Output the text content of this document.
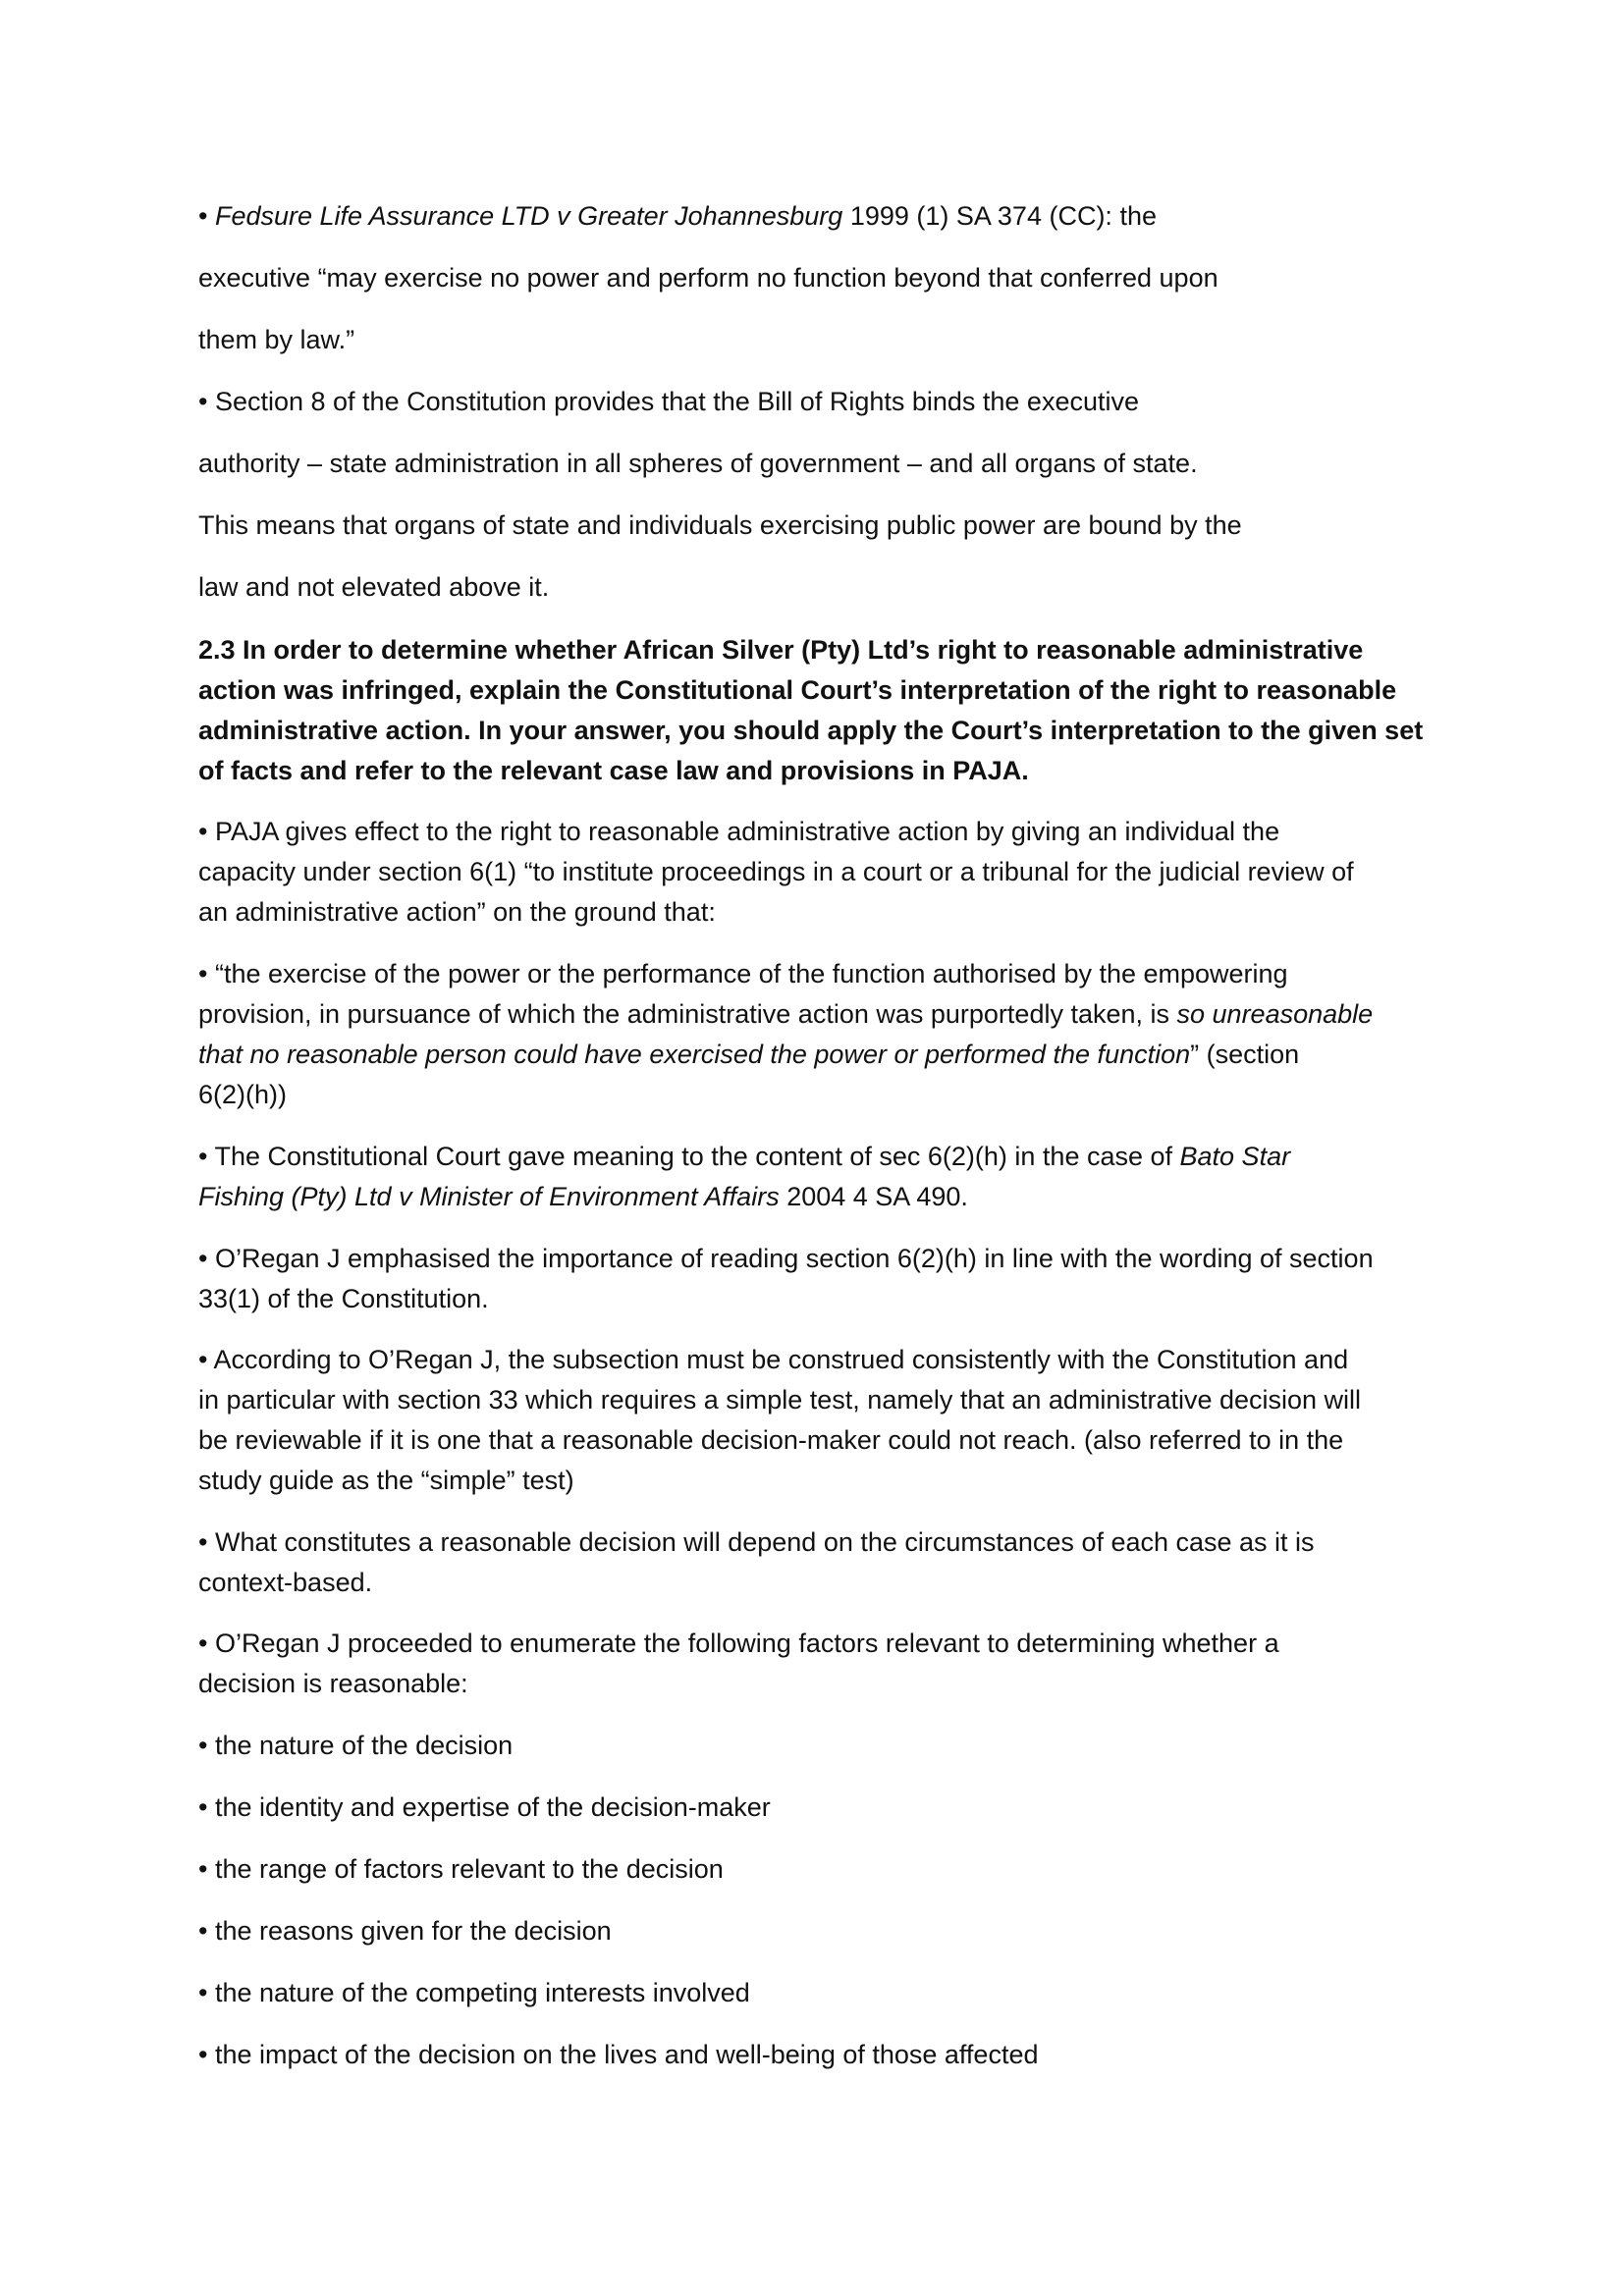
• Fedsure Life Assurance LTD v Greater Johannesburg 1999 (1) SA 374 (CC): the
executive “may exercise no power and perform no function beyond that conferred upon
them by law.”
• Section 8 of the Constitution provides that the Bill of Rights binds the executive
authority – state administration in all spheres of government – and all organs of state.
This means that organs of state and individuals exercising public power are bound by the
law and not elevated above it.
2.3 In order to determine whether African Silver (Pty) Ltd’s right to reasonable administrative
action was infringed, explain the Constitutional Court’s interpretation of the right to reasonable
administrative action. In your answer, you should apply the Court’s interpretation to the given set
of facts and refer to the relevant case law and provisions in PAJA.
• PAJA gives effect to the right to reasonable administrative action by giving an individual the
capacity under section 6(1) “to institute proceedings in a court or a tribunal for the judicial review of
an administrative action” on the ground that:
• “the exercise of the power or the performance of the function authorised by the empowering
provision, in pursuance of which the administrative action was purportedly taken, is so unreasonable
that no reasonable person could have exercised the power or performed the function” (section
6(2)(h))
• The Constitutional Court gave meaning to the content of sec 6(2)(h) in the case of Bato Star
Fishing (Pty) Ltd v Minister of Environment Affairs 2004 4 SA 490.
• O’Regan J emphasised the importance of reading section 6(2)(h) in line with the wording of section
33(1) of the Constitution.
• According to O’Regan J, the subsection must be construed consistently with the Constitution and
in particular with section 33 which requires a simple test, namely that an administrative decision will
be reviewable if it is one that a reasonable decision-maker could not reach. (also referred to in the
study guide as the “simple” test)
• What constitutes a reasonable decision will depend on the circumstances of each case as it is
context-based.
• O’Regan J proceeded to enumerate the following factors relevant to determining whether a
decision is reasonable:
• the nature of the decision
• the identity and expertise of the decision-maker
• the range of factors relevant to the decision
• the reasons given for the decision
• the nature of the competing interests involved
• the impact of the decision on the lives and well-being of those affected
